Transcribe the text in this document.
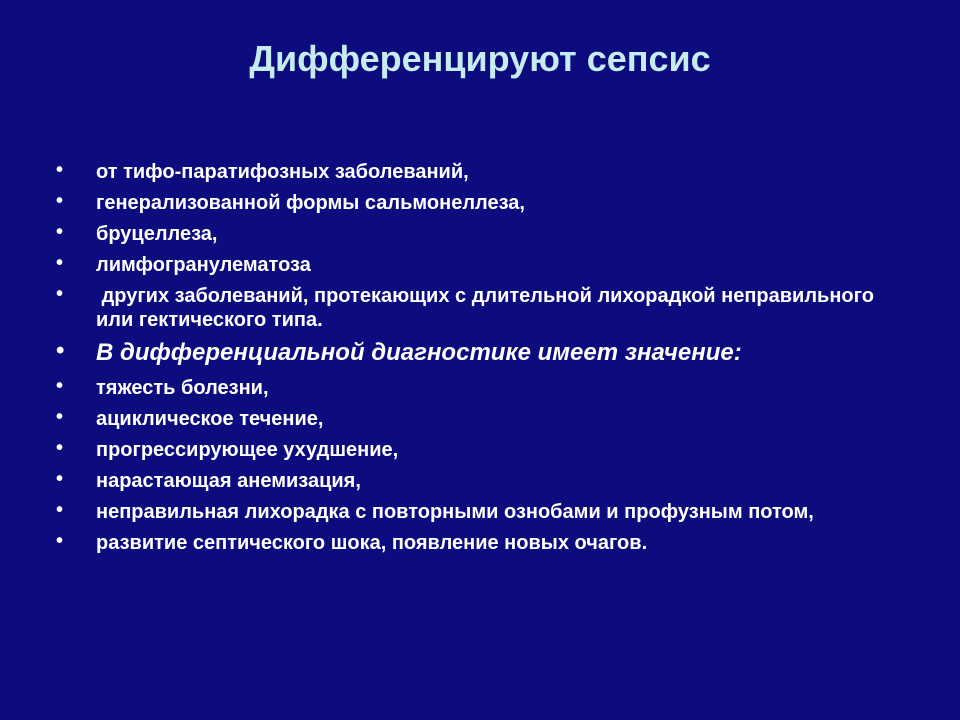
Дифференцируют сепсис
• от тифо-паратифозных заболеваний,
• генерализованной формы сальмонеллеза,
• бруцеллеза,
• лимфогранулематоза
• других заболеваний, протекающих с длительной лихорадкой неправильного или гектического типа.
• В дифференциальной диагностике имеет значение:
• тяжесть болезни,
• ациклическое течение,
• прогрессирующее ухудшение,
• нарастающая анемизация,
• неправильная лихорадка с повторными ознобами и профузным потом,
• развитие септического шока, появление новых очагов.
